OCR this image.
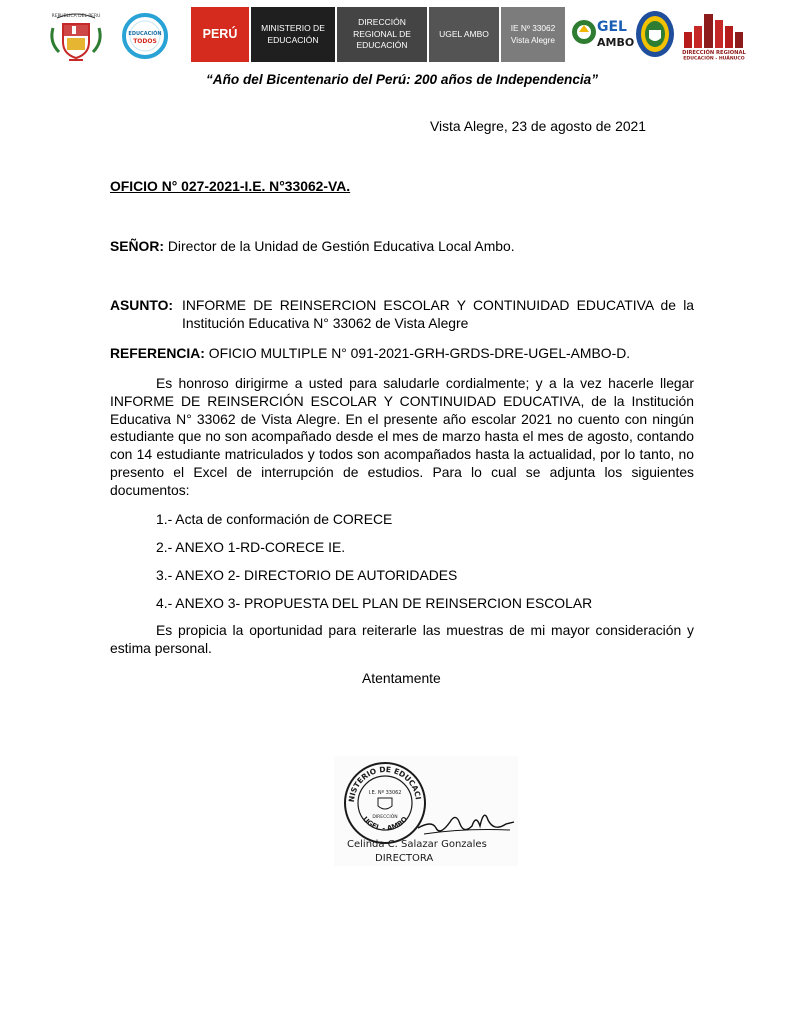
REPUBLICA DEL PERU
EDUCACIÓN
TODOS
PERÚ	MINISTERIO DE EDUCACIÓN
DIRECCIÓN REGIONAL DE EDUCACIÓN
UGEL AMBO
IE Nº 33062
Vista Alegre
GEL
AMBO
DIRECCIÓN REGIONAL
EDUCACIÓN - HUÁNUCO
“Año del Bicentenario del Perú: 200 años de Independencia”
Vista Alegre, 23 de agosto de 2021
OFICIO N° 027-2021-I.E. N°33062-VA.
SEÑOR: Director de la Unidad de Gestión Educativa Local Ambo.
ASUNTO: INFORME DE REINSERCION ESCOLAR Y CONTINUIDAD EDUCATIVA de la
Institución Educativa N° 33062 de Vista Alegre
REFERENCIA: OFICIO MULTIPLE N° 091-2021-GRH-GRDS-DRE-UGEL-AMBO-D.
Es honroso dirigirme a usted para saludarle cordialmente; y a la vez hacerle llegar
INFORME DE REINSERCIÓN ESCOLAR Y CONTINUIDAD EDUCATIVA, de la Institución
Educativa N° 33062 de Vista Alegre. En el presente año escolar 2021 no cuento con ningún
estudiante que no son acompañado desde el mes de marzo hasta el mes de agosto, contando
con 14 estudiante matriculados y todos son acompañados hasta la actualidad, por lo tanto, no
presento el Excel de interrupción de estudios. Para lo cual se adjunta los siguientes
documentos:
1.- Acta de conformación de CORECE
2.- ANEXO 1-RD-CORECE IE.
3.- ANEXO 2- DIRECTORIO DE AUTORIDADES
4.- ANEXO 3- PROPUESTA DEL PLAN DE REINSERCION ESCOLAR
Es propicia la oportunidad para reiterarle las muestras de mi mayor consideración y
estima personal.
Atentamente
NISTERIO DE EDUCACI
UGEL - AMBO
I.E. Nº 33062
DIRECCIÓN
Celinda C. Salazar Gonzales
DIRECTORA
